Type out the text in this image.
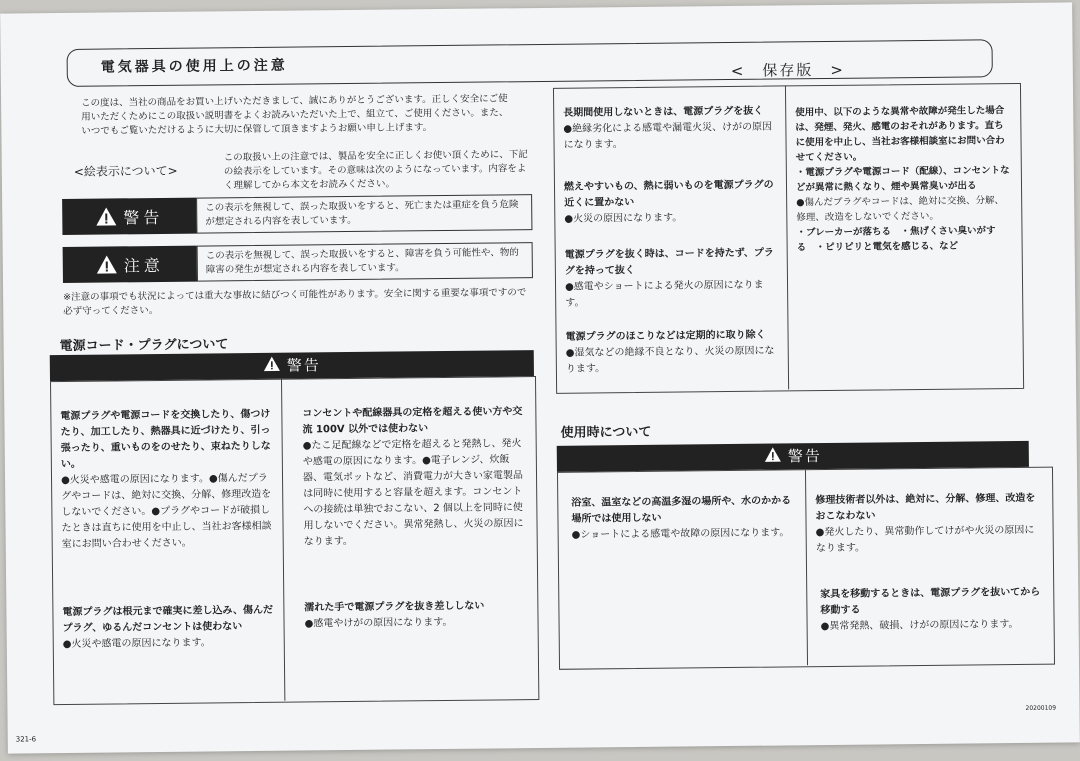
電気器具の使用上の注意	<　保存版　>
この度は、当社の商品をお買い上げいただきまして、誠にありがとうございます。正しく安全にご使用いただくためにこの取扱い説明書をよくお読みいただいた上で、組立て、ご使用ください。また、いつでもご覧いただけるように大切に保管して頂きますようお願い申し上げます。
<絵表示について>
この取扱い上の注意では、製品を安全に正しくお使い頂くために、下記の絵表示をしています。その意味は次のようになっています。内容をよく理解してから本文をお読みください。
警告
この表示を無視して、誤った取扱いをすると、死亡または重症を負う危険が想定される内容を表しています。
注意
この表示を無視して、誤った取扱いをすると、障害を負う可能性や、物的障害の発生が想定される内容を表しています。
※注意の事項でも状況によっては重大な事故に結びつく可能性があります。安全に関する重要な事項ですので必ず守ってください。
電源コード・プラグについて
警告
電源プラグや電源コードを交換したり、傷つけたり、加工したり、熱器具に近づけたり、引っ張ったり、重いものをのせたり、束ねたりしない。
●火災や感電の原因になります。●傷んだプラグやコードは、絶対に交換、分解、修理改造をしないでください。●プラグやコードが破損したときは直ちに使用を中止し、当社お客様相談室にお問い合わせください。
電源プラグは根元まで確実に差し込み、傷んだプラグ、ゆるんだコンセントは使わない
●火災や感電の原因になります。
コンセントや配線器具の定格を超える使い方や交流 100V 以外では使わない
●たこ足配線などで定格を超えると発熱し、発火や感電の原因になります。●電子レンジ、炊飯器、電気ポットなど、消費電力が大きい家電製品は同時に使用すると容量を超えます。コンセントへの接続は単独でおこない、2 個以上を同時に使用しないでください。異常発熱し、火災の原因になります。
濡れた手で電源プラグを抜き差ししない
●感電やけがの原因になります。
長期間使用しないときは、電源プラグを抜く
●絶縁劣化による感電や漏電火災、けがの原因になります。
燃えやすいもの、熱に弱いものを電源プラグの近くに置かない
●火災の原因になります。
電源プラグを抜く時は、コードを持たず、プラグを持って抜く
●感電やショートによる発火の原因になります。
電源プラグのほこりなどは定期的に取り除く
●湿気などの絶縁不良となり、火災の原因になります。
使用中、以下のような異常や故障が発生した場合は、発煙、発火、感電のおそれがあります。直ちに使用を中止し、当社お客様相談室にお問い合わせてください。
・電源プラグや電源コード（配線）、コンセントなどが異常に熱くなり、煙や異常臭いが出る
●傷んだプラグやコードは、絶対に交換、分解、修理、改造をしないでください。
・ブレーカーが落ちる　・焦げくさい臭いがする　・ピリピリと電気を感じる、など
使用時について
警告
浴室、温室などの高温多湿の場所や、水のかかる場所では使用しない
●ショートによる感電や故障の原因になります。
修理技術者以外は、絶対に、分解、修理、改造をおこなわない
●発火したり、異常動作してけがや火災の原因になります。
家具を移動するときは、電源プラグを抜いてから移動する
●異常発熱、破損、けがの原因になります。
321-6
20200109
